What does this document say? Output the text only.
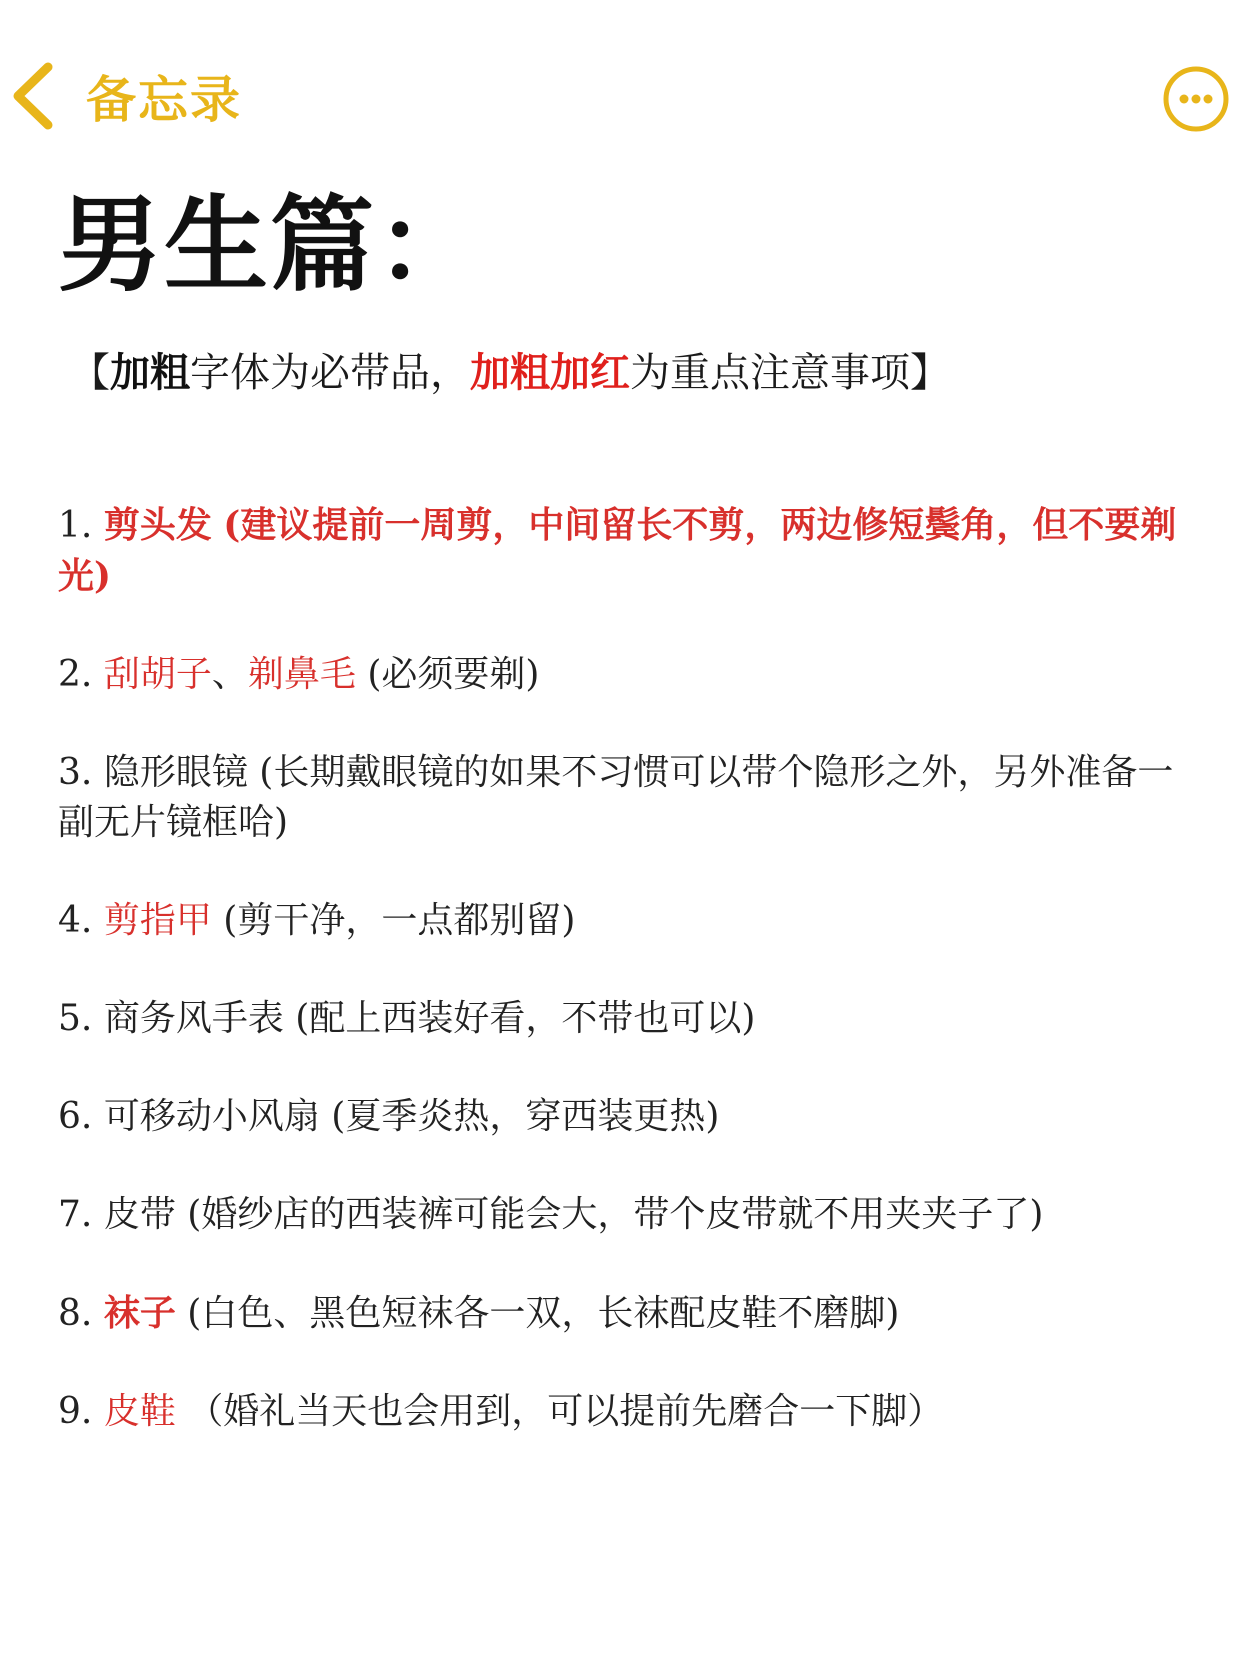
备忘录
男生篇：
【加粗字体为必带品，加粗加红为重点注意事项】

1. 剪头发 (建议提前一周剪，中间留长不剪，两边修短鬓角，但不要剃光)

2. 刮胡子、剃鼻毛 (必须要剃)

3. 隐形眼镜 (长期戴眼镜的如果不习惯可以带个隐形之外，另外准备一副无片镜框哈)

4. 剪指甲 (剪干净，一点都别留)

5. 商务风手表 (配上西装好看，不带也可以)

6. 可移动小风扇 (夏季炎热，穿西装更热)

7. 皮带 (婚纱店的西装裤可能会大，带个皮带就不用夹夹子了)

8. 袜子 (白色、黑色短袜各一双，长袜配皮鞋不磨脚)

9. 皮鞋 （婚礼当天也会用到，可以提前先磨合一下脚）
